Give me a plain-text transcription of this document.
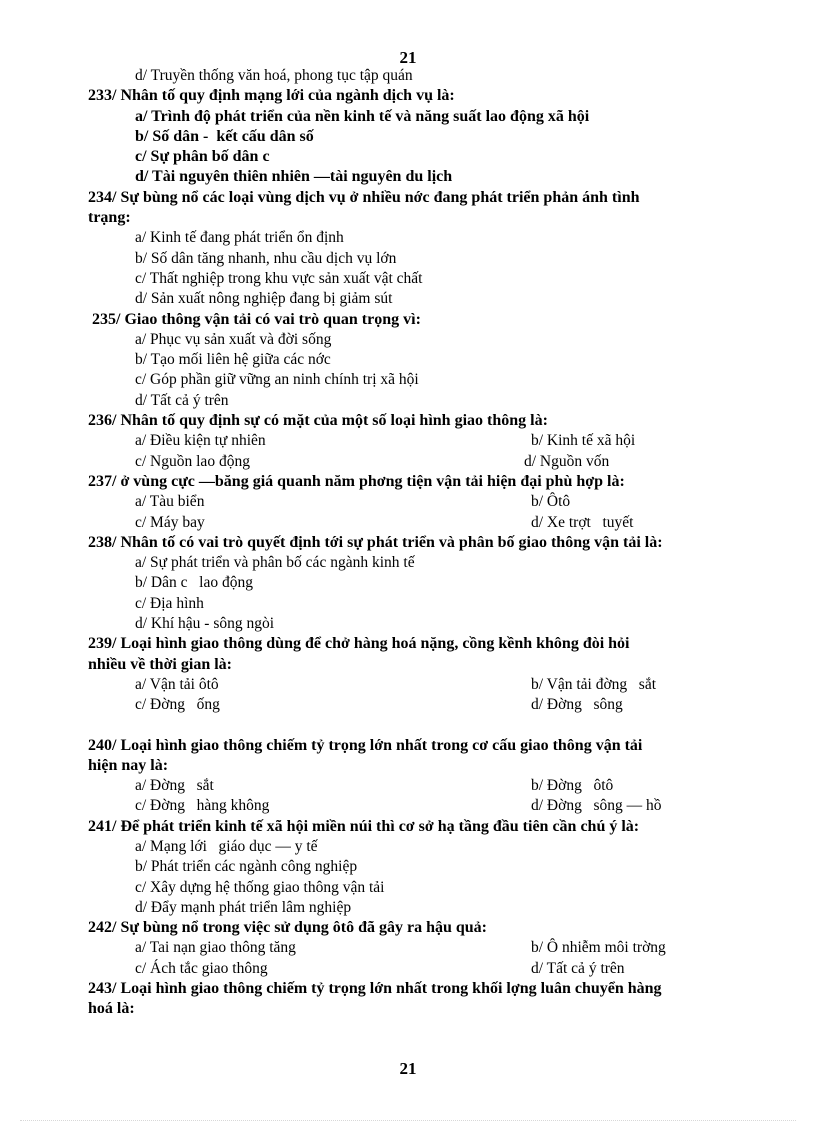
21
d/ Truyền thống văn hoá, phong tục tập quán
233/ Nhân tố quy định mạng lới của ngành dịch vụ là:
a/ Trình độ phát triển của nền kinh tế và năng suất lao động xã hội
b/ Số dân -  kết cấu dân số
c/ Sự phân bố dân c
d/ Tài nguyên thiên nhiên —tài nguyên du lịch
234/ Sự bùng nổ các loại vùng dịch vụ ở nhiều nớc đang phát triển phản ánh tình
trạng:
a/ Kinh tế đang phát triển ổn định
b/ Số dân tăng nhanh, nhu cầu dịch vụ lớn
c/ Thất nghiệp trong khu vực sản xuất vật chất
d/ Sản xuất nông nghiệp đang bị giảm sút
235/ Giao thông vận tải có vai trò quan trọng vì:
a/ Phục vụ sản xuất và đời sống
b/ Tạo mối liên hệ giữa các nớc
c/ Góp phần giữ vững an ninh chính trị xã hội
d/ Tất cả ý trên
236/ Nhân tố quy định sự có mặt của một số loại hình giao thông là:
a/ Điều kiện tự nhiên	b/ Kinh tế xã hội
c/ Nguồn lao động	d/ Nguồn vốn
237/ ở vùng cực —băng giá quanh năm phơng tiện vận tải hiện đại phù hợp là:
a/ Tàu biển	b/ Ôtô
c/ Máy bay	d/ Xe trợt   tuyết
238/ Nhân tố có vai trò quyết định tới sự phát triển và phân bố giao thông vận tải là:
a/ Sự phát triển và phân bố các ngành kinh tế
b/ Dân c   lao động
c/ Địa hình
d/ Khí hậu - sông ngòi
239/ Loại hình giao thông dùng để chở hàng hoá nặng, cồng kềnh không đòi hỏi
nhiều về thời gian là:
a/ Vận tải ôtô	b/ Vận tải đờng   sắt
c/ Đờng   ống	d/ Đờng   sông
240/ Loại hình giao thông chiếm tỷ trọng lớn nhất trong cơ cấu giao thông vận tải
hiện nay là:
a/ Đờng   sắt	b/ Đờng   ôtô
c/ Đờng   hàng không	d/ Đờng   sông — hồ
241/ Để phát triển kinh tế xã hội miền núi thì cơ sở hạ tầng đầu tiên cần chú ý là:
a/ Mạng lới   giáo dục — y tế
b/ Phát triển các ngành công nghiệp
c/ Xây dựng hệ thống giao thông vận tải
d/ Đẩy mạnh phát triển lâm nghiệp
242/ Sự bùng nổ trong việc sử dụng ôtô đã gây ra hậu quả:
a/ Tai nạn giao thông tăng	b/ Ô nhiễm môi trờng
c/ Ách tắc giao thông	d/ Tất cả ý trên
243/ Loại hình giao thông chiếm tỷ trọng lớn nhất trong khối lợng luân chuyển hàng
hoá là:
21
